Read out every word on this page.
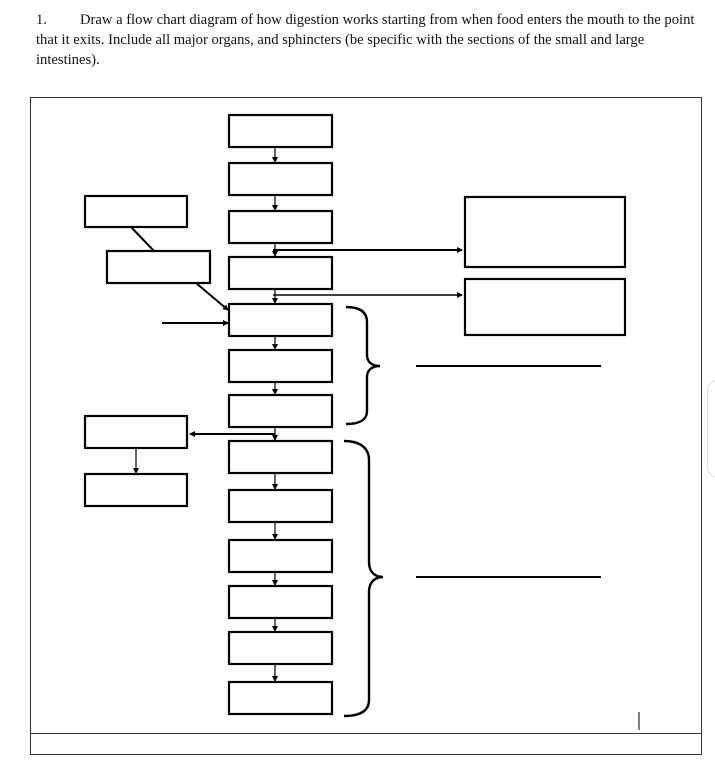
1. Draw a flow chart diagram of how digestion works starting from when food enters the mouth to the point that it exits. Include all major organs, and sphincters (be specific with the sections of the small and large intestines).
